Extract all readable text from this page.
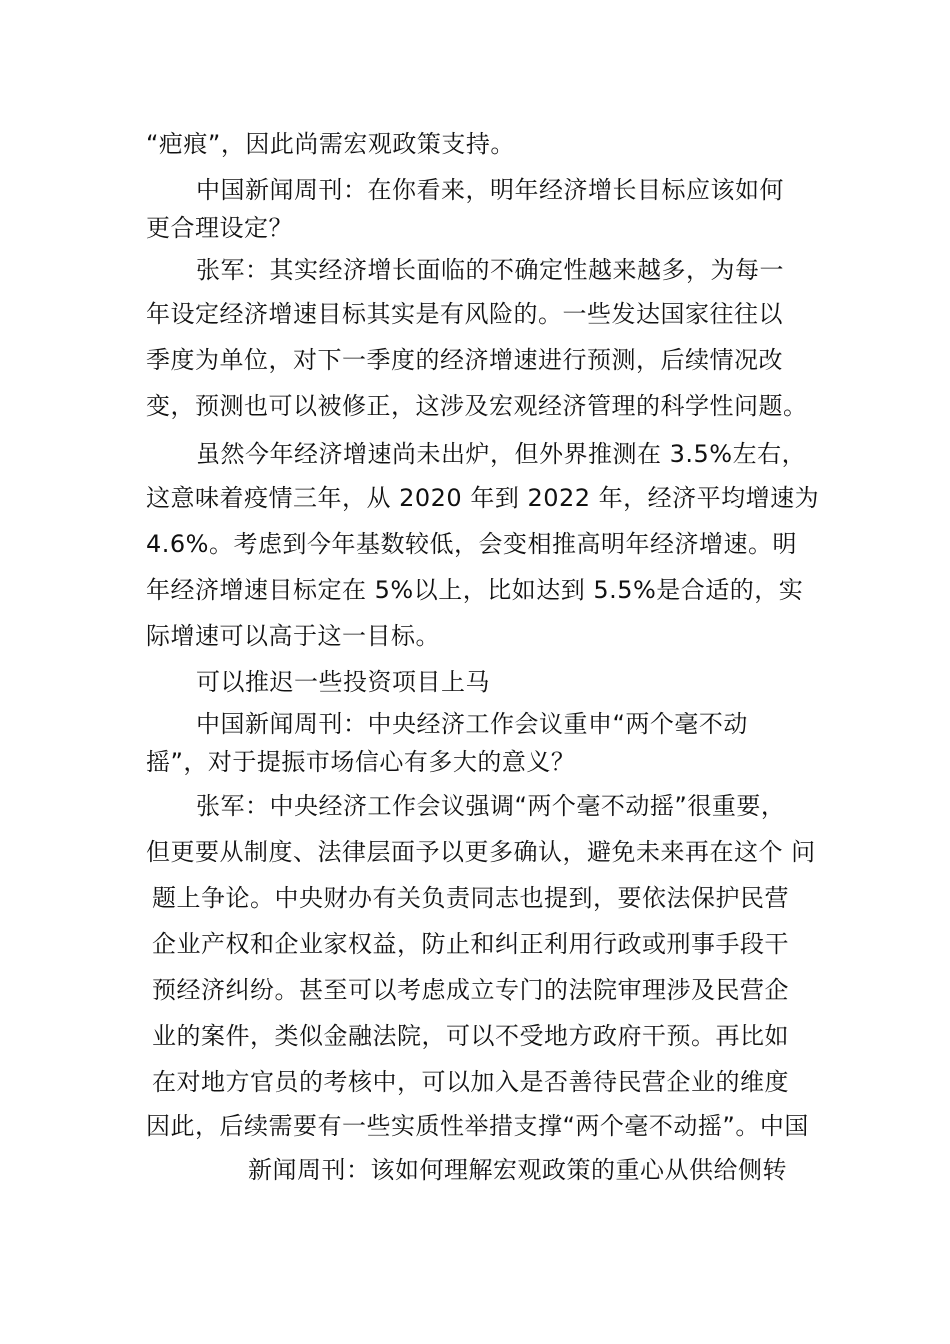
“疤痕”，因此尚需宏观政策支持。

中国新闻周刊：在你看来，明年经济增长目标应该如何

更合理设定？

张军：其实经济增长面临的不确定性越来越多，为每一

年设定经济增速目标其实是有风险的。一些发达国家往往以

季度为单位，对下一季度的经济增速进行预测，后续情况改

变，预测也可以被修正，这涉及宏观经济管理的科学性问题。

虽然今年经济增速尚未出炉，但外界推测在 3.5%左右，

这意味着疫情三年，从 2020 年到 2022 年，经济平均增速为

4.6%。考虑到今年基数较低，会变相推高明年经济增速。明

年经济增速目标定在 5%以上，比如达到 5.5%是合适的，实

际增速可以高于这一目标。

可以推迟一些投资项目上马

中国新闻周刊：中央经济工作会议重申“两个毫不动

摇”，对于提振市场信心有多大的意义？

张军：中央经济工作会议强调“两个毫不动摇”很重要，

但更要从制度、法律层面予以更多确认，避免未来再在这个 问

题上争论。中央财办有关负责同志也提到，要依法保护民营

企业产权和企业家权益，防止和纠正利用行政或刑事手段干

预经济纠纷。甚至可以考虑成立专门的法院审理涉及民营企

业的案件，类似金融法院，可以不受地方政府干预。再比如

在对地方官员的考核中，可以加入是否善待民营企业的维度

因此，后续需要有一些实质性举措支撑“两个毫不动摇”。中国

新闻周刊：该如何理解宏观政策的重心从供给侧转
